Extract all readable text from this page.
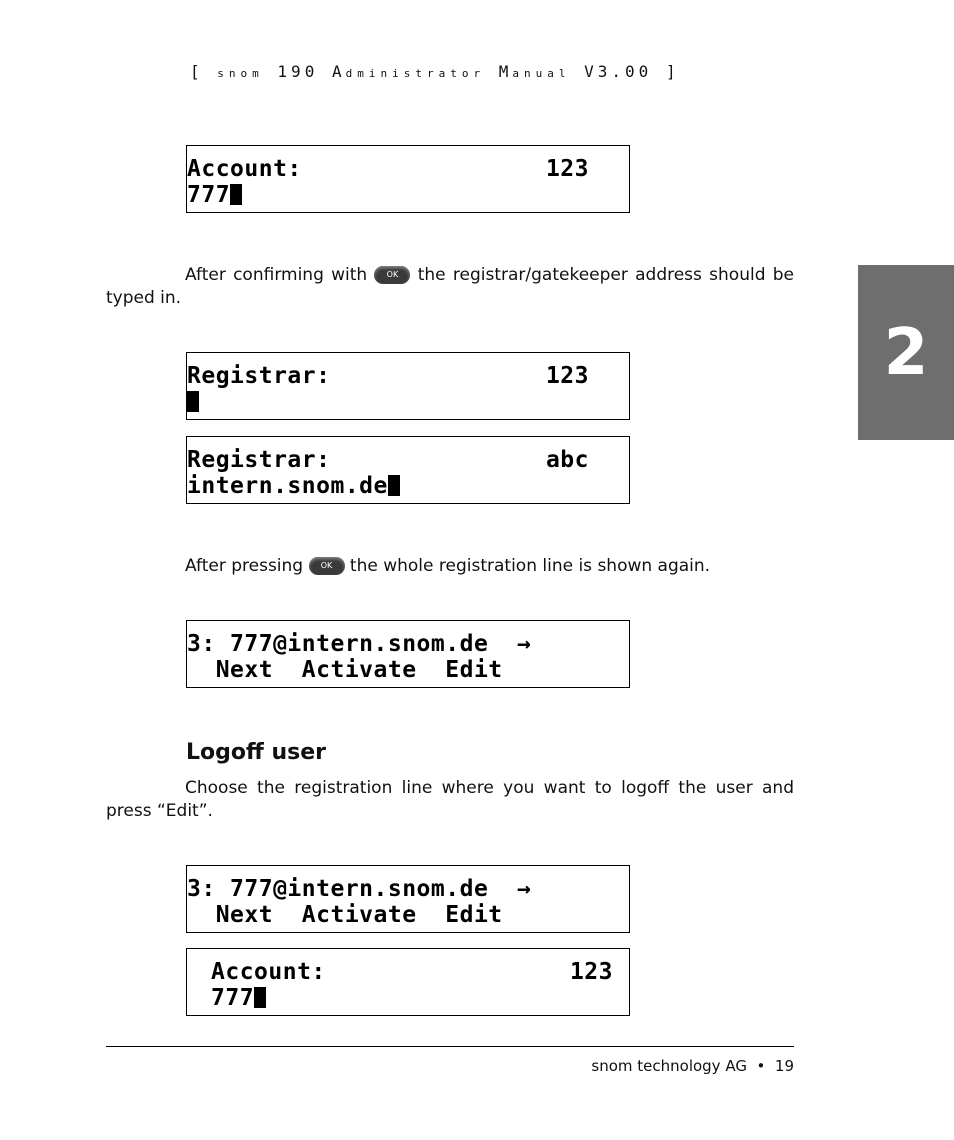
[ snom 190 Administrator Manual V3.00 ]
2
Account:	123
777
After confirming with OK the registrar/gatekeeper address should be typed in.
Registrar:	123
Registrar:	abc
intern.snom.de
After pressing OK the whole registration line is shown again.
3: 777@intern.snom.de  →
Next  Activate  Edit
Logoff user
Choose the registration line where you want to logoff the user and press “Edit”.
3: 777@intern.snom.de  →
Next  Activate  Edit
Account:	123
777
snom technology AG • 19
